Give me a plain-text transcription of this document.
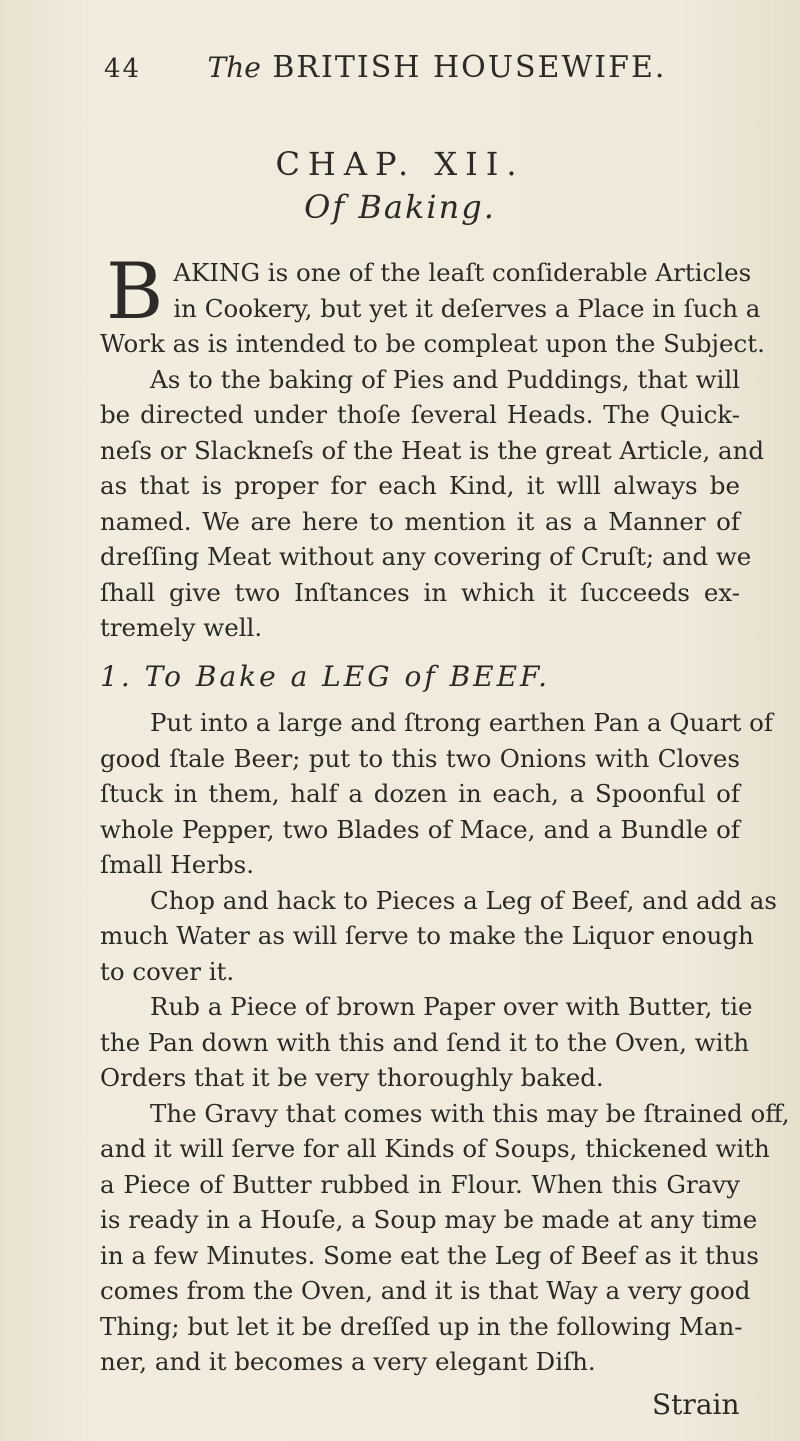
44 The BRITISH HOUSEWIFE.
CHAP. XII.
Of Baking.
B AKING is one of the leaſt conſiderable Articles
in Cookery, but yet it deſerves a Place in ſuch a
Work as is intended to be compleat upon the Subject.
As to the baking of Pies and Puddings, that will
be directed under thoſe ſeveral Heads. The Quick-
neſs or Slackneſs of the Heat is the great Article, and
as that is proper for each Kind, it wlll always be
named. We are here to mention it as a Manner of
dreſſing Meat without any covering of Cruſt; and we
ſhall give two Inſtances in which it ſucceeds ex-
tremely well.
1. To Bake a LEG of BEEF.
Put into a large and ſtrong earthen Pan a Quart of
good ſtale Beer; put to this two Onions with Cloves
ſtuck in them, half a dozen in each, a Spoonful of
whole Pepper, two Blades of Mace, and a Bundle of
ſmall Herbs.
Chop and hack to Pieces a Leg of Beef, and add as
much Water as will ſerve to make the Liquor enough
to cover it.
Rub a Piece of brown Paper over with Butter, tie
the Pan down with this and ſend it to the Oven, with
Orders that it be very thoroughly baked.
The Gravy that comes with this may be ſtrained off,
and it will ſerve for all Kinds of Soups, thickened with
a Piece of Butter rubbed in Flour. When this Gravy
is ready in a Houſe, a Soup may be made at any time
in a few Minutes. Some eat the Leg of Beef as it thus
comes from the Oven, and it is that Way a very good
Thing; but let it be dreſſed up in the following Man-
ner, and it becomes a very elegant Diſh.
Strain
